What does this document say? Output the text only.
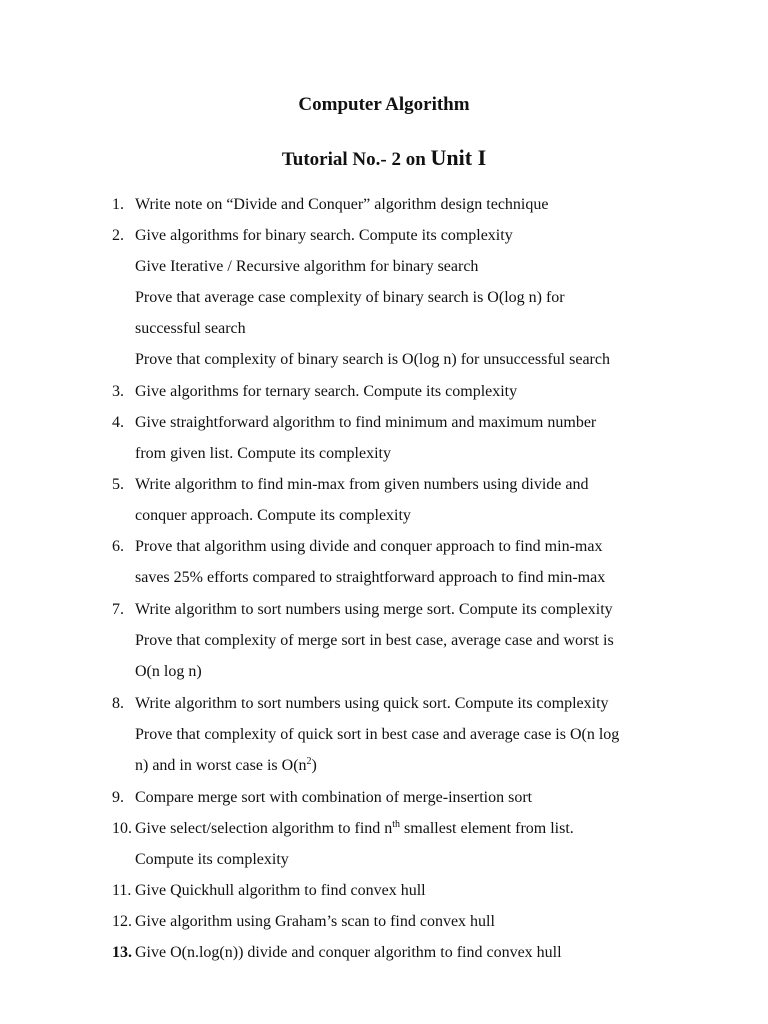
Computer Algorithm
Tutorial No.- 2 on Unit I
1. Write note on “Divide and Conquer” algorithm design technique
2. Give algorithms for binary search. Compute its complexity
Give Iterative / Recursive algorithm for binary search
Prove that average case complexity of binary search is O(log n) for
successful search
Prove that complexity of binary search is O(log n) for unsuccessful search
3. Give algorithms for ternary search. Compute its complexity
4. Give straightforward algorithm to find minimum and maximum number
from given list. Compute its complexity
5. Write algorithm to find min-max from given numbers using divide and
conquer approach. Compute its complexity
6. Prove that algorithm using divide and conquer approach to find min-max
saves 25% efforts compared to straightforward approach to find min-max
7. Write algorithm to sort numbers using merge sort. Compute its complexity
Prove that complexity of merge sort in best case, average case and worst is
O(n log n)
8. Write algorithm to sort numbers using quick sort. Compute its complexity
Prove that complexity of quick sort in best case and average case is O(n log
n) and in worst case is $O(n^2)$
9. Compare merge sort with combination of merge-insertion sort
10. Give select/selection algorithm to find $n^{th}$ smallest element from list.
Compute its complexity
11. Give Quickhull algorithm to find convex hull
12. Give algorithm using Graham’s scan to find convex hull
13. Give O(n.log(n)) divide and conquer algorithm to find convex hull
